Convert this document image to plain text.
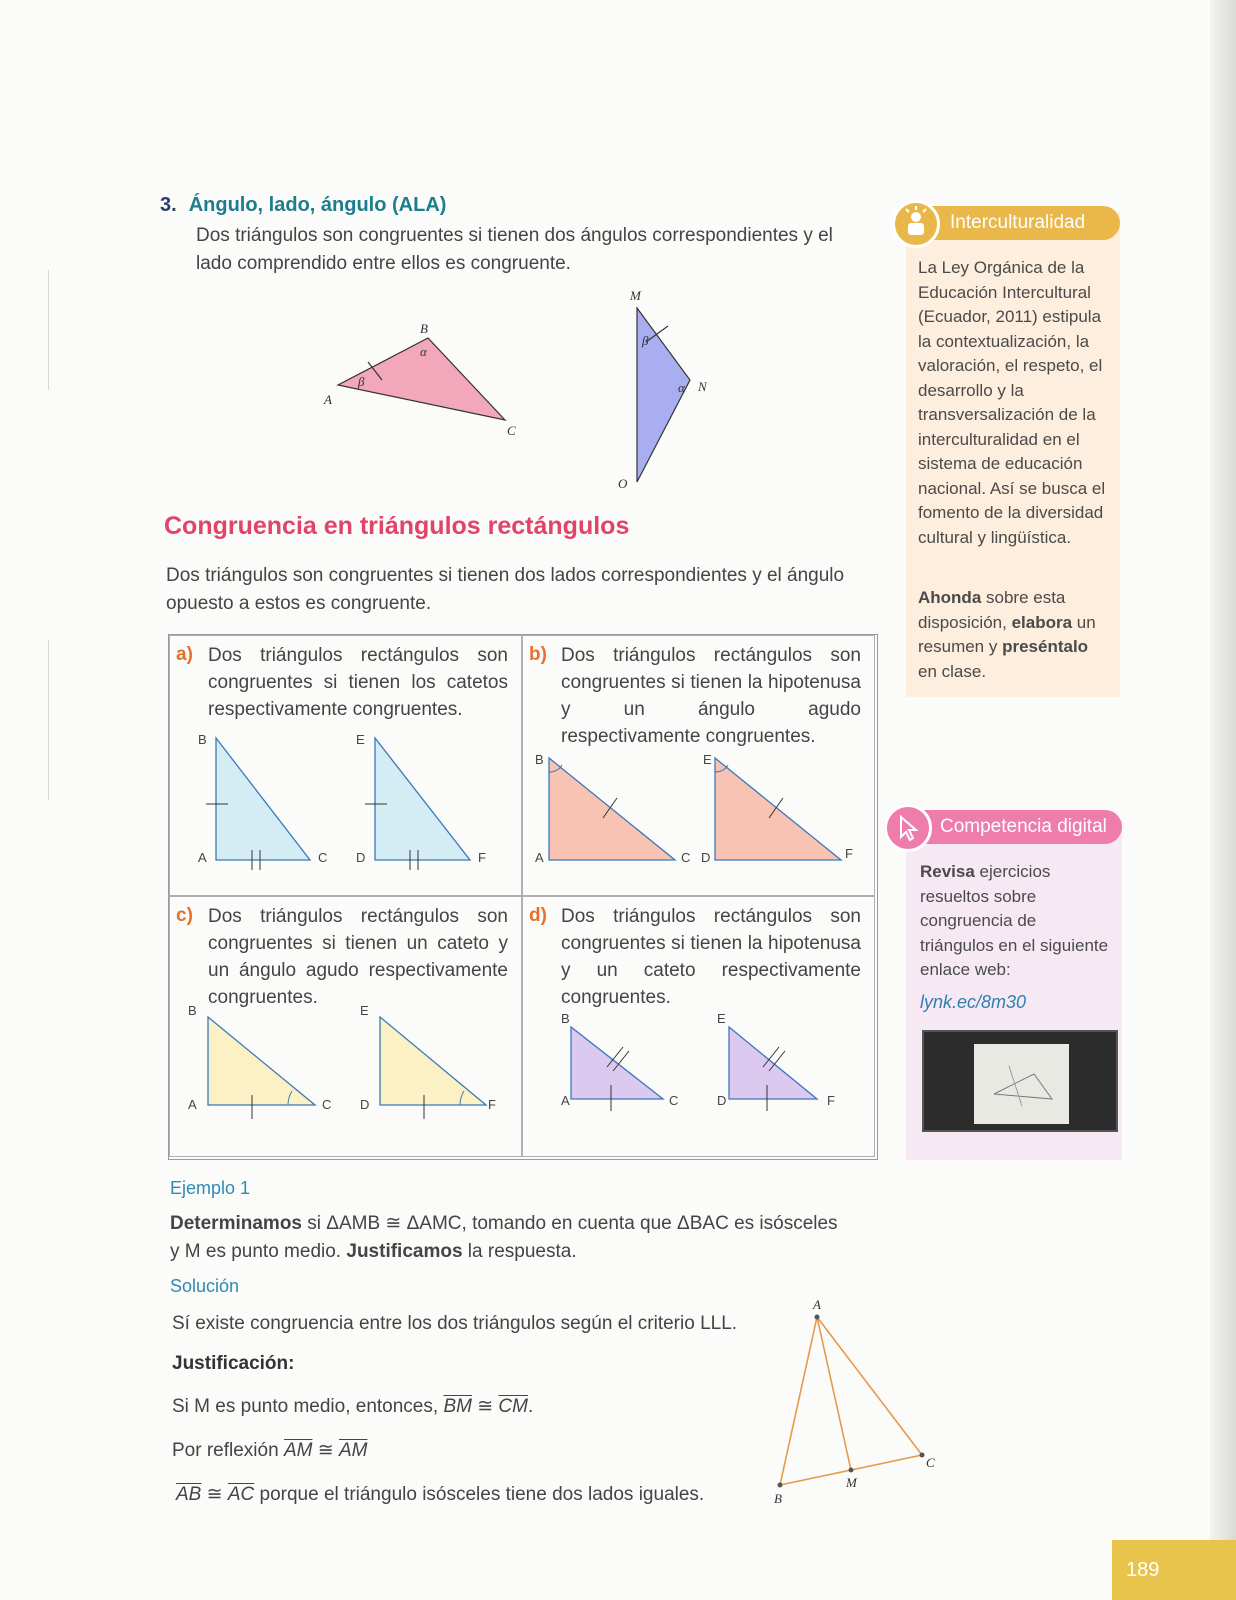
3. Ángulo, lado, ángulo (ALA)
Dos triángulos son congruentes si tienen dos ángulos correspondientes y el lado comprendido entre ellos es congruente.
A
B
C
α
β
M
N
O
β
α
Congruencia en triángulos rectángulos
Dos triángulos son congruentes si tienen dos lados correspondientes y el ángulo opuesto a estos es congruente.
a) Dos triángulos rectángulos son congruentes si tienen los catetos respectivamente congruentes.
B
A	C
E
D	F
b) Dos triángulos rectángulos son congruentes si tienen la hipotenusa y un ángulo agudo respectivamente congruentes.
B
A	C
E
D	F
c) Dos triángulos rectángulos son congruentes si tienen un cateto y un ángulo agudo respectivamente congruentes.
B
A	C
E
D	F
d) Dos triángulos rectángulos son congruentes si tienen la hipotenusa y un cateto respectivamente congruentes.
B
A	C
E
D	F
Ejemplo 1
Determinamos si ΔAMB ≅ ΔAMC, tomando en cuenta que ΔBAC es isósceles
y M es punto medio. Justificamos la respuesta.
Solución
Sí existe congruencia entre los dos triángulos según el criterio LLL.
Justificación:
Si M es punto medio, entonces, $\overline{BM}$ ≅ $\overline{CM}$.
Por reflexión $\overline{AM}$ ≅ $\overline{AM}$
$\overline{AB}$ ≅ $\overline{AC}$ porque el triángulo isósceles tiene dos lados iguales.
A
B
C
M
Interculturalidad
La Ley Orgánica de la Educación Intercultural (Ecuador, 2011) estipula la contextualización, la valoración, el respeto, el desarrollo y la transversalización de la interculturalidad en el sistema de educación nacional. Así se busca el fomento de la diversidad cultural y lingüística.
Ahonda sobre esta disposición, elabora un resumen y preséntalo en clase.
Competencia digital
Revisa ejercicios resueltos sobre congruencia de triángulos en el siguiente enlace web:
lynk.ec/8m30
189
